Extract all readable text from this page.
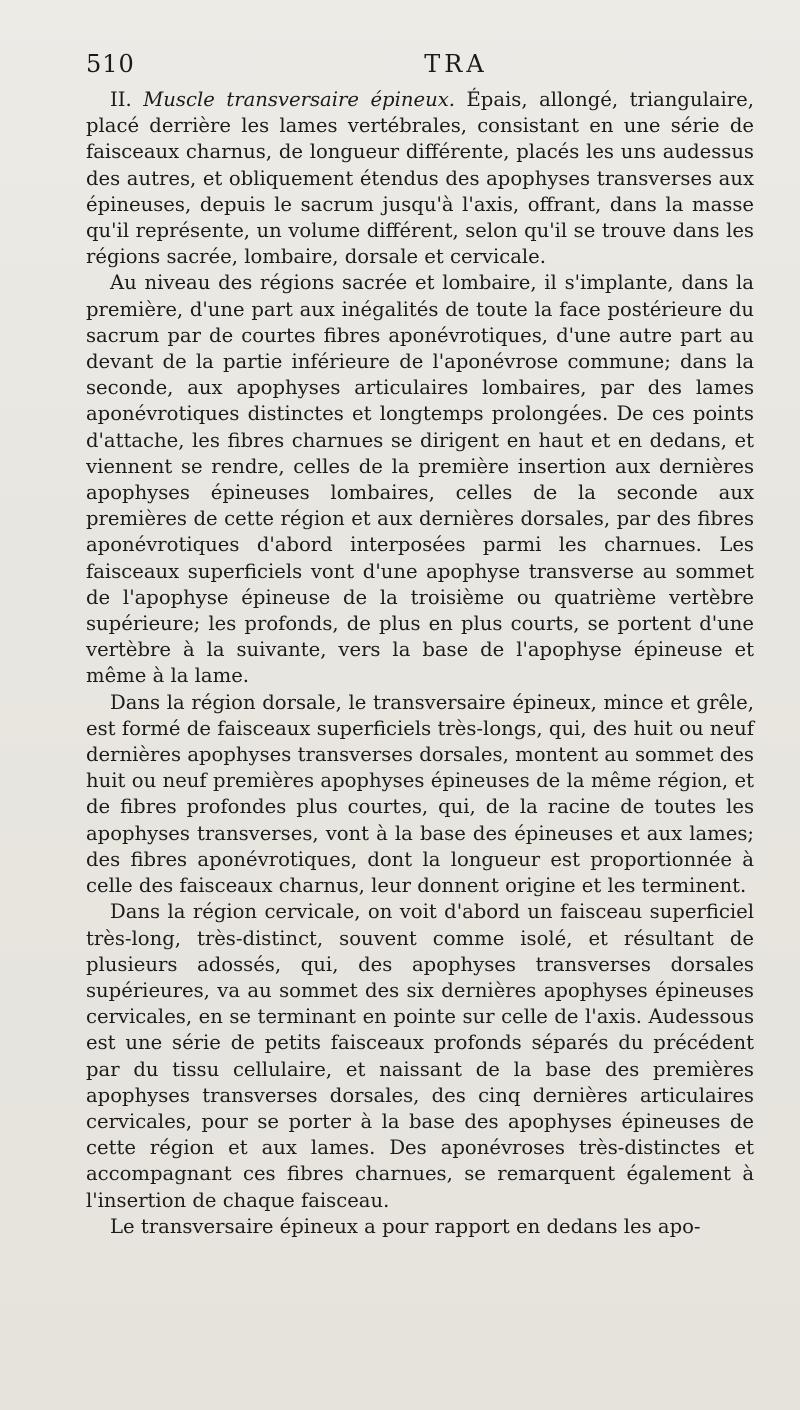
510	TRA

II. Muscle transversaire épineux. Épais, allongé, triangulaire, placé derrière les lames vertébrales, consistant en une série de faisceaux charnus, de longueur différente, placés les uns audessus des autres, et obliquement étendus des apophyses transverses aux épineuses, depuis le sacrum jusqu'à l'axis, offrant, dans la masse qu'il représente, un volume différent, selon qu'il se trouve dans les régions sacrée, lombaire, dorsale et cervicale.

Au niveau des régions sacrée et lombaire, il s'implante, dans la première, d'une part aux inégalités de toute la face postérieure du sacrum par de courtes fibres aponévrotiques, d'une autre part au devant de la partie inférieure de l'aponévrose commune; dans la seconde, aux apophyses articulaires lombaires, par des lames aponévrotiques distinctes et longtemps prolongées. De ces points d'attache, les fibres charnues se dirigent en haut et en dedans, et viennent se rendre, celles de la première insertion aux dernières apophyses épineuses lombaires, celles de la seconde aux premières de cette région et aux dernières dorsales, par des fibres aponévrotiques d'abord interposées parmi les charnues. Les faisceaux superficiels vont d'une apophyse transverse au sommet de l'apophyse épineuse de la troisième ou quatrième vertèbre supérieure; les profonds, de plus en plus courts, se portent d'une vertèbre à la suivante, vers la base de l'apophyse épineuse et même à la lame.

Dans la région dorsale, le transversaire épineux, mince et grêle, est formé de faisceaux superficiels très-longs, qui, des huit ou neuf dernières apophyses transverses dorsales, montent au sommet des huit ou neuf premières apophyses épineuses de la même région, et de fibres profondes plus courtes, qui, de la racine de toutes les apophyses transverses, vont à la base des épineuses et aux lames; des fibres aponévrotiques, dont la longueur est proportionnée à celle des faisceaux charnus, leur donnent origine et les terminent.

Dans la région cervicale, on voit d'abord un faisceau superficiel très-long, très-distinct, souvent comme isolé, et résultant de plusieurs adossés, qui, des apophyses transverses dorsales supérieures, va au sommet des six dernières apophyses épineuses cervicales, en se terminant en pointe sur celle de l'axis. Audessous est une série de petits faisceaux profonds séparés du précédent par du tissu cellulaire, et naissant de la base des premières apophyses transverses dorsales, des cinq dernières articulaires cervicales, pour se porter à la base des apophyses épineuses de cette région et aux lames. Des aponévroses très-distinctes et accompagnant ces fibres charnues, se remarquent également à l'insertion de chaque faisceau.

Le transversaire épineux a pour rapport en dedans les apo-
